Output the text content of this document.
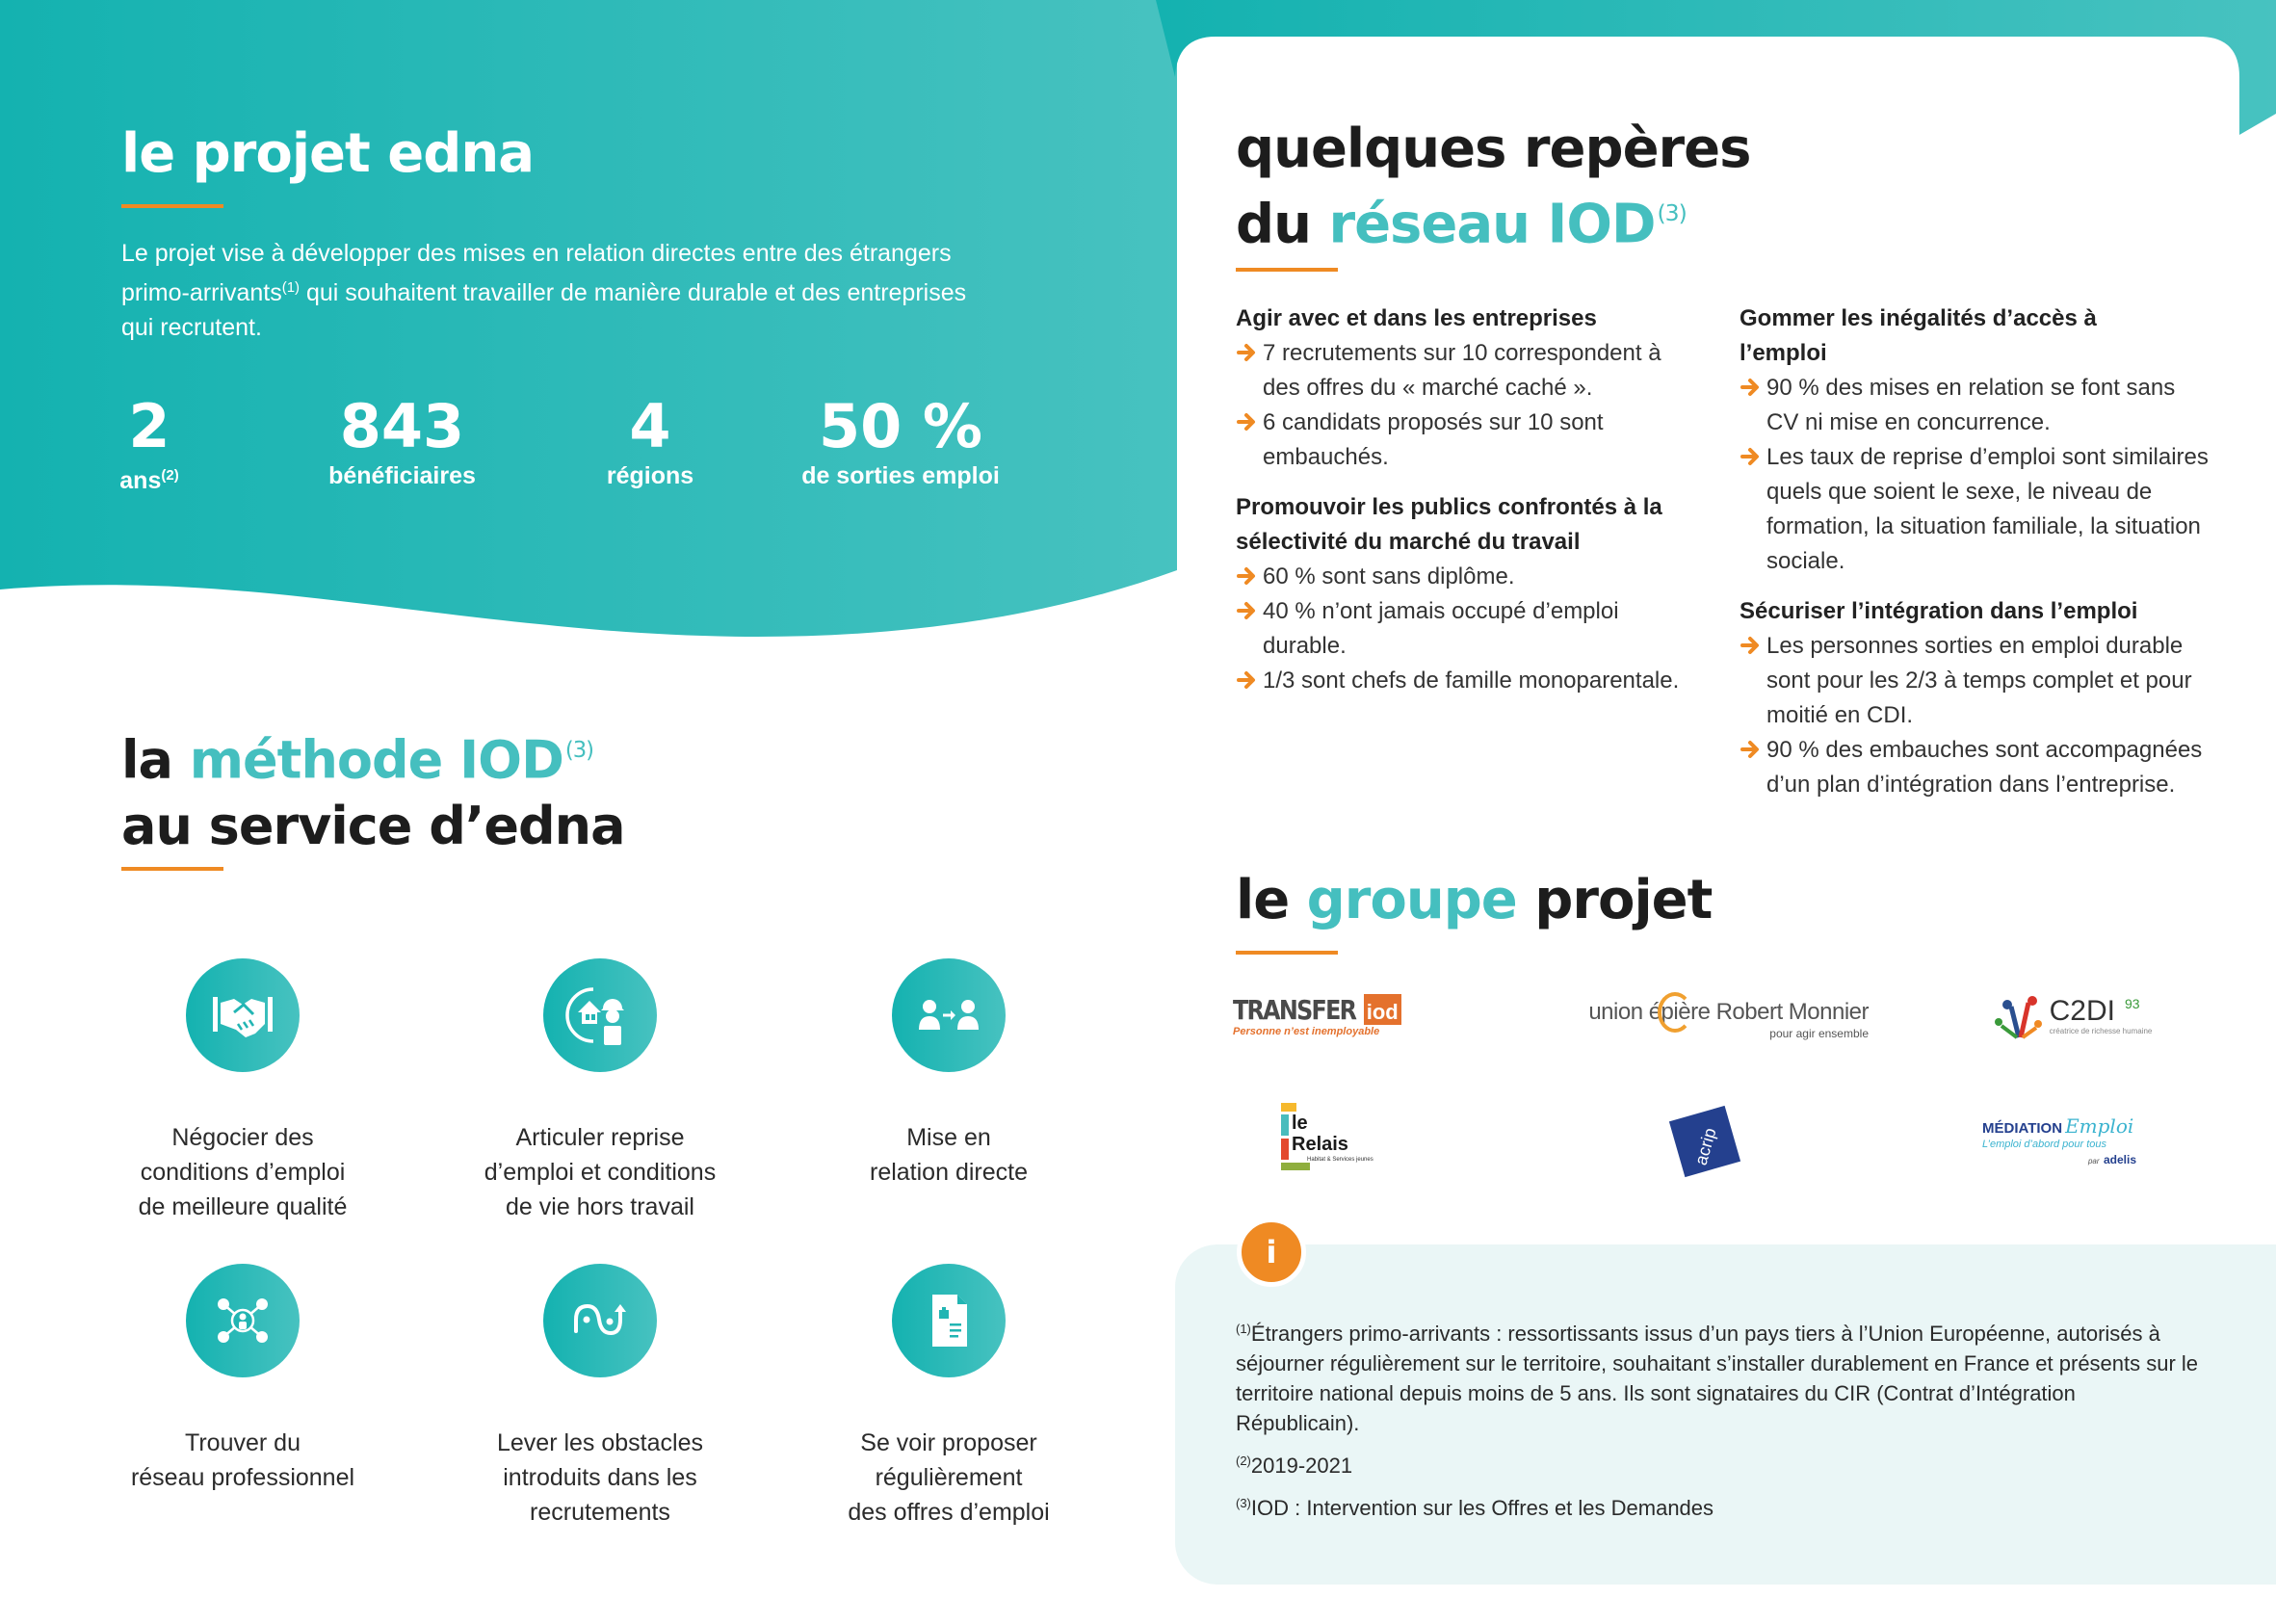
le projet edna

Le projet vise à développer des mises en relation directes entre des étrangers primo-arrivants$^{(1)}$ qui souhaitent travailler de manière durable et des entreprises qui recrutent.

2
ans$^{(2)}$
843
bénéficiaires
4
régions
50 %
de sorties emploi
la méthode IOD$^{(3)}$
au service d’edna
Négocier des
conditions d’emploi
de meilleure qualité
Articuler reprise
d’emploi et conditions
de vie hors travail
Mise en
relation directe
Trouver du
réseau professionnel
Lever les obstacles
introduits dans les
recrutements
Se voir proposer
régulièrement
des offres d’emploi
quelques repères
du réseau IOD$^{(3)}$
Agir avec et dans les entreprises
7 recrutements sur 10 correspondent à des offres du « marché caché ».
6 candidats proposés sur 10 sont embauchés.
Promouvoir les publics confrontés à la sélectivité du marché du travail
60 % sont sans diplôme.
40 % n’ont jamais occupé d’emploi durable.
1/3 sont chefs de famille monoparentale.
Gommer les inégalités d’accès à l’emploi
90 % des mises en relation se font sans CV ni mise en concurrence.
Les taux de reprise d’emploi sont similaires quels que soient le sexe, le niveau de formation, la situation familiale, la situation sociale.
Sécuriser l’intégration dans l’emploi
Les personnes sorties en emploi durable sont pour les 2/3 à temps complet et pour moitié en CDI.
90 % des embauches sont accompagnées d’un plan d’intégration dans l’entreprise.
le groupe projet
TRANSFER iod
Personne n’est inemployable
union épière Robert Monnier
pour agir ensemble
C2DI 93
créatrice de richesse humaine
le
Relais
Habitat & Services jeunes	acrip	MÉDIATION Emploi
L’emploi d’abord pour tous
par adelis
i

$^{(1)}$Étrangers primo-arrivants : ressortissants issus d’un pays tiers à l’Union Européenne, autorisés à séjourner régulièrement sur le territoire, souhaitant s’installer durablement en France et présents sur le territoire national depuis moins de 5 ans. Ils sont signataires du CIR (Contrat d’Intégration Républicain).

$^{(2)}$2019-2021

$^{(3)}$IOD : Intervention sur les Offres et les Demandes
